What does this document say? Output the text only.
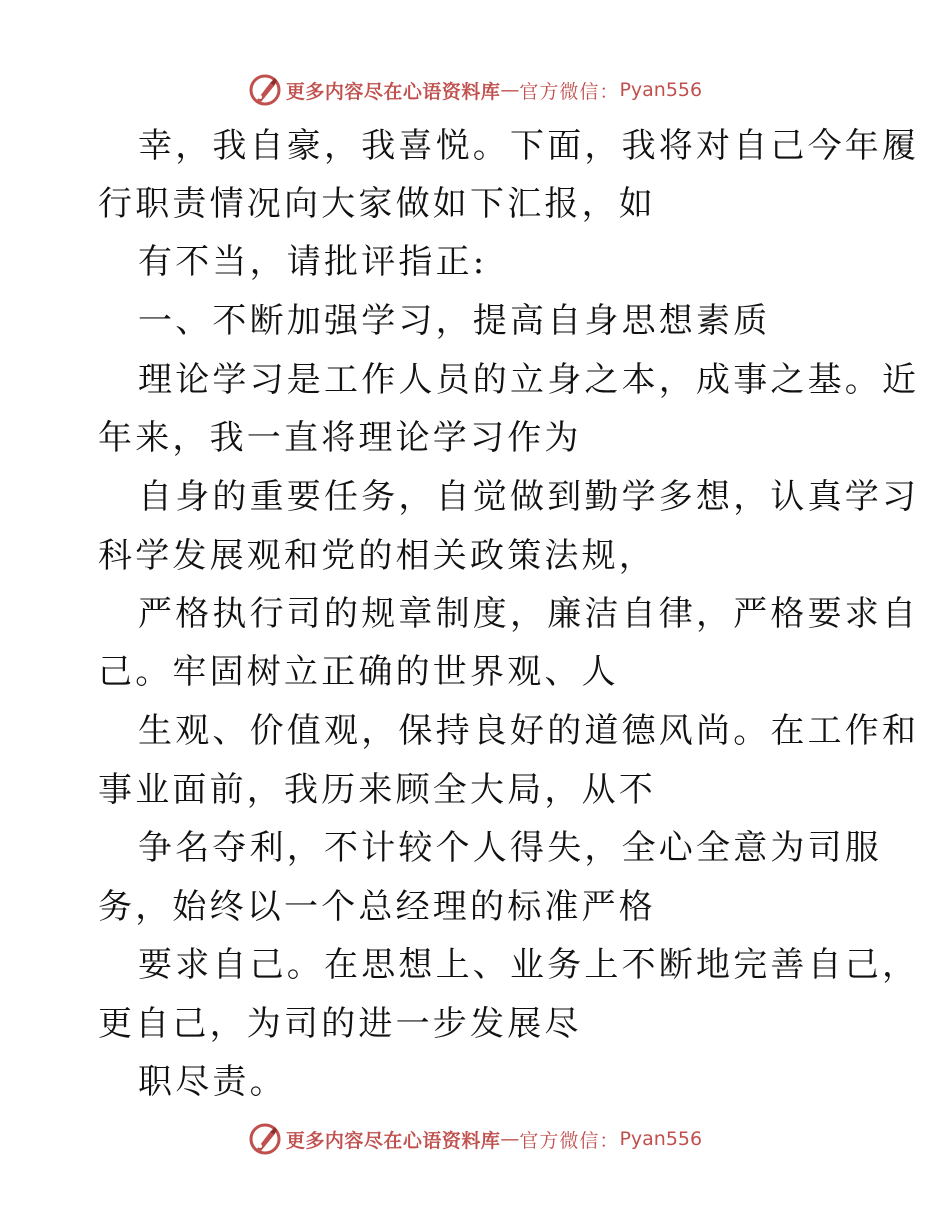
更多内容尽在心语资料库 — 官方微信： Pyan556
幸，我自豪，我喜悦。下面，我将对自己今年履
行职责情况向大家做如下汇报，如
有不当，请批评指正:
一、不断加强学习，提高自身思想素质
理论学习是工作人员的立身之本，成事之基。近
年来，我一直将理论学习作为
自身的重要任务，自觉做到勤学多想，认真学习
科学发展观和党的相关政策法规，
严格执行司的规章制度，廉洁自律，严格要求自
己。牢固树立正确的世界观、人
生观、价值观，保持良好的道德风尚。在工作和
事业面前，我历来顾全大局，从不
争名夺利，不计较个人得失，全心全意为司服
务，始终以一个总经理的标准严格
要求自己。在思想上、业务上不断地完善自己，
更自己，为司的进一步发展尽
职尽责。
更多内容尽在心语资料库 — 官方微信： Pyan556
